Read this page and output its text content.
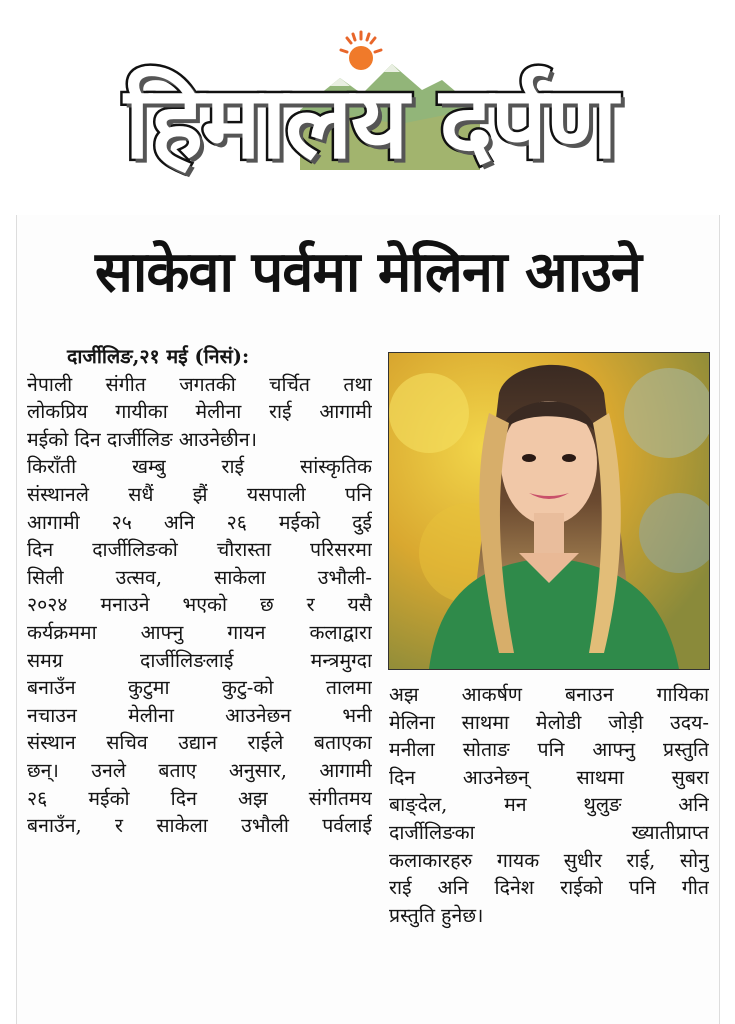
हिमालय दर्पण
साकेवा पर्वमा मेलिना आउने
दार्जीलिङ,२१ मई (निसं):
नेपाली संगीत जगतकी चर्चित तथा
लोकप्रिय गायीका मेलीना राई आगामी
मईको दिन दार्जीलिङ आउनेछीन।
किराँती खम्बु राई सांस्कृतिक
संस्थानले सधैं झैं यसपाली पनि
आगामी २५ अनि २६ मईको दुई
दिन दार्जीलिङको चौरास्ता परिसरमा
सिली उत्सव, साकेला उभौली-
२०२४ मनाउने भएको छ र यसै
कर्यक्रममा आफ्नु गायन कलाद्वारा
समग्र दार्जीलिङलाई मन्त्रमुग्दा
बनाउँन कुटुमा कुटु-को तालमा
नचाउन मेलीना आउनेछन भनी
संस्थान सचिव उद्यान राईले बताएका
छन्। उनले बताए अनुसार, आगामी
२६ मईको दिन अझ संगीतमय
बनाउँन, र साकेला उभौली पर्वलाई
अझ आकर्षण बनाउन गायिका
मेलिना साथमा मेलोडी जोड़ी उदय-
मनीला सोताङ पनि आफ्नु प्रस्तुति
दिन आउनेछन् साथमा सुबरा
बाङ्देल, मन थुलुङ अनि
दार्जीलिङका ख्यातीप्राप्त
कलाकारहरु गायक सुधीर राई, सोनु
राई अनि दिनेश राईको पनि गीत
प्रस्तुति हुनेछ।
